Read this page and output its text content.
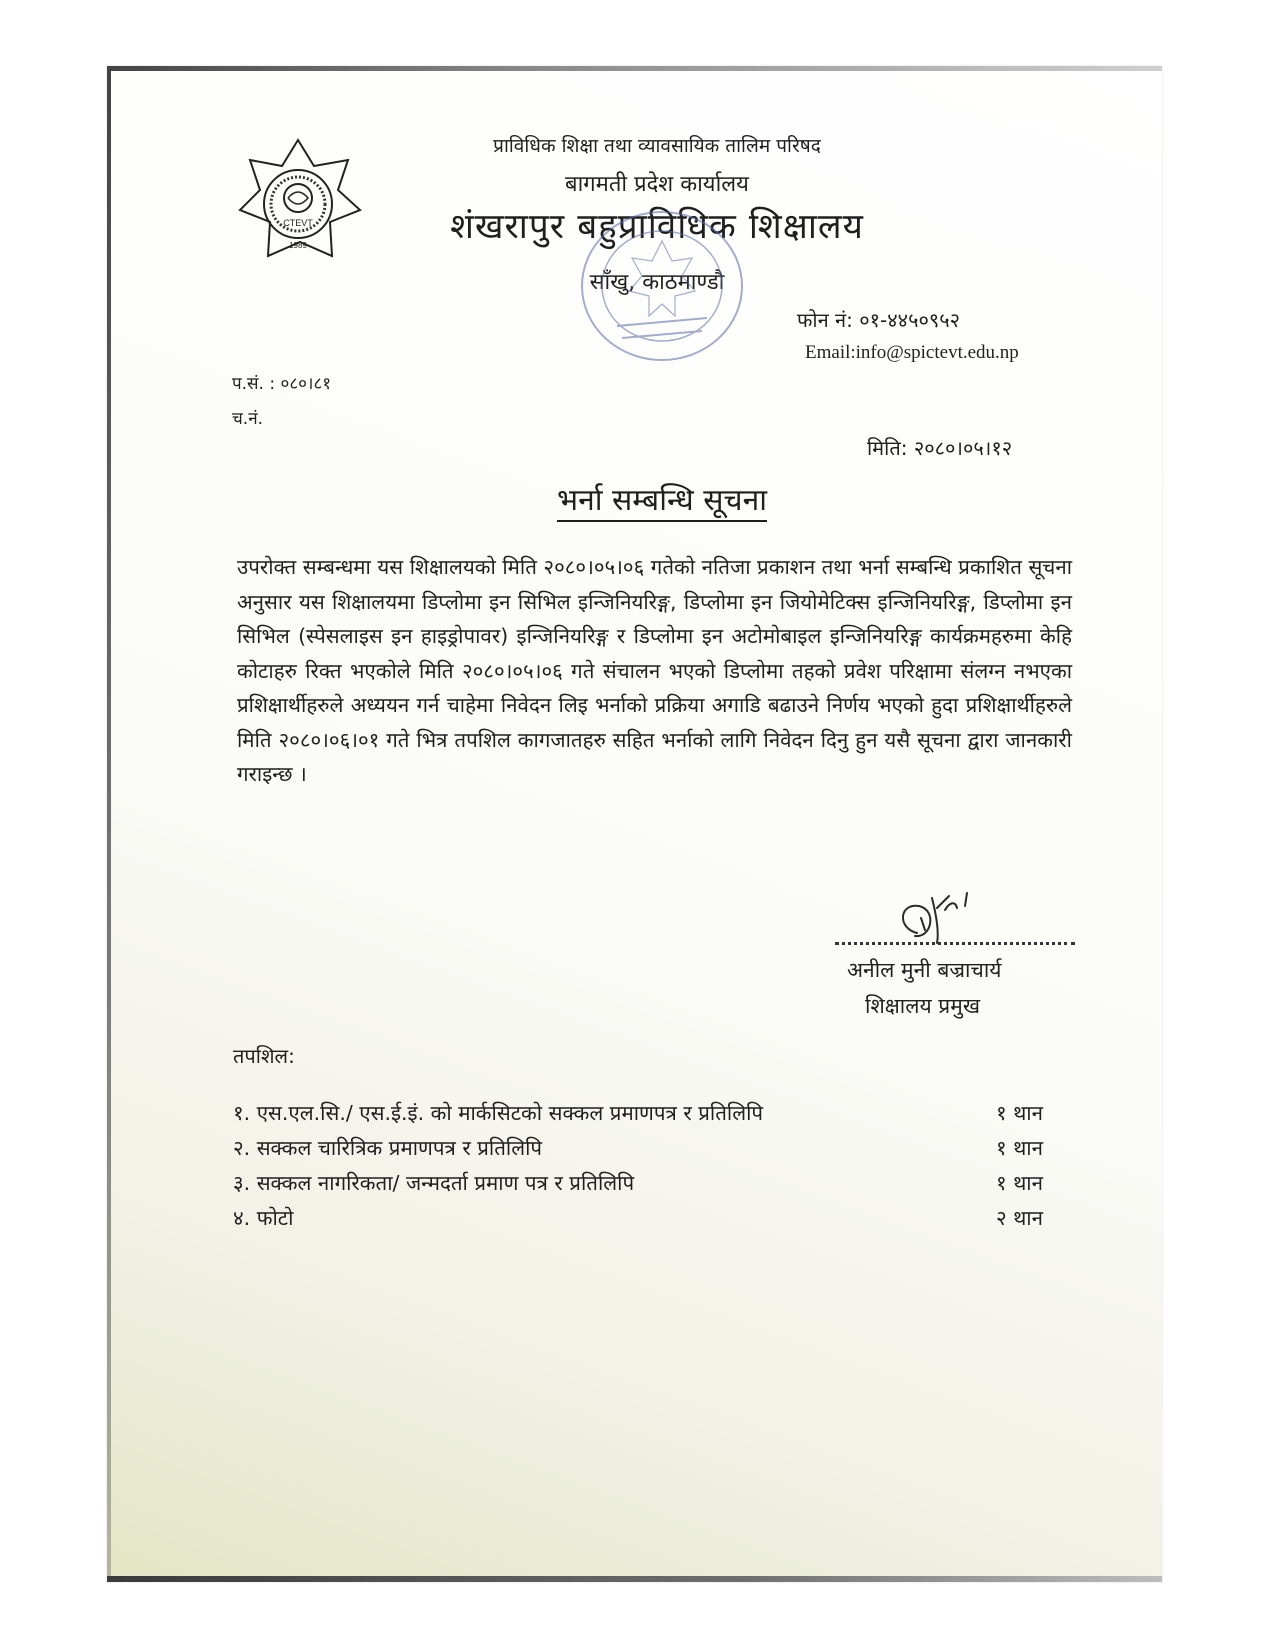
CTEVT
1989
प्राविधिक शिक्षा तथा व्यावसायिक तालिम परिषद
बागमती प्रदेश कार्यालय
शंखरापुर बहुप्राविधिक शिक्षालय
साँखु, काठमाण्डौ
फोन नं: ०१-४४५०९५२
Email:info@spictevt.edu.np
प.सं. : ०८०।८१
च.नं.
मिति: २०८०।०५।१२
भर्ना सम्बन्धि सूचना
उपरोक्त सम्बन्धमा यस शिक्षालयको मिति २०८०।०५।०६ गतेको नतिजा प्रकाशन तथा भर्ना सम्बन्धि प्रकाशित सूचना अनुसार यस शिक्षालयमा डिप्लोमा इन सिभिल इन्जिनियरिङ्ग, डिप्लोमा इन जियोमेटिक्स इन्जिनियरिङ्ग, डिप्लोमा इन सिभिल (स्पेसलाइस इन हाइड्रोपावर) इन्जिनियरिङ्ग र डिप्लोमा इन अटोमोबाइल इन्जिनियरिङ्ग कार्यक्रमहरुमा केहि कोटाहरु रिक्त भएकोले मिति २०८०।०५।०६ गते संचालन भएको डिप्लोमा तहको प्रवेश परिक्षामा संलग्न नभएका प्रशिक्षार्थीहरुले अध्ययन गर्न चाहेमा निवेदन लिइ भर्नाको प्रक्रिया अगाडि बढाउने निर्णय भएको हुदा प्रशिक्षार्थीहरुले मिति २०८०।०६।०१ गते भित्र तपशिल कागजातहरु सहित भर्नाको लागि निवेदन दिनु हुन यसै सूचना द्वारा जानकारी गराइन्छ ।
अनील मुनी बज्राचार्य
शिक्षालय प्रमुख
तपशिल:
१. एस.एल.सि./ एस.ई.इं. को मार्कसिटको सक्कल प्रमाणपत्र र प्रतिलिपि	१ थान
२. सक्कल चारित्रिक प्रमाणपत्र र प्रतिलिपि	१ थान
३. सक्कल नागरिकता/ जन्मदर्ता प्रमाण पत्र र प्रतिलिपि	१ थान
४. फोटो	२ थान
